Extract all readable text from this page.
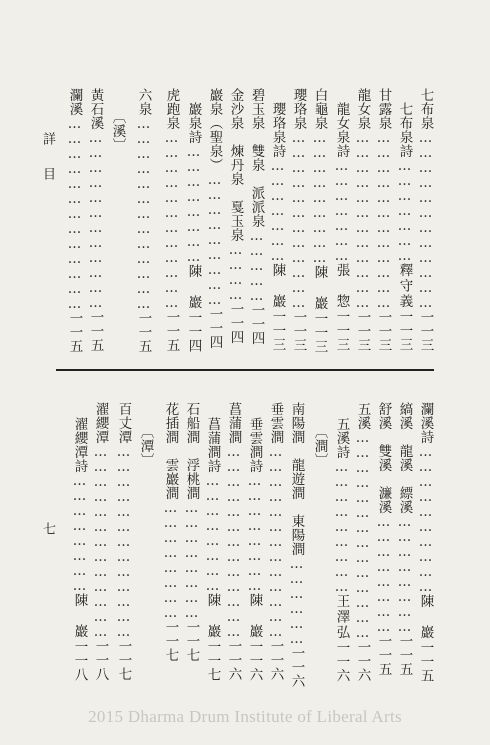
詳目
七
七布泉………………………………一一三
七布泉詩…………………釋守義一一三
甘露泉………………………………一一三
龍女泉………………………………一一三
龍女泉詩…………………張　惣一一三
白龜泉………………………陳　巖一一三
瓔珞泉………………………………一一三
瓔珞泉詩…………………陳　巖一一三
碧玉泉　雙泉　派派泉……………一一四
金沙泉　煉丹泉　戛玉泉…………一一四
巖泉（聖泉）………………………一一四
巖泉詩……………………陳　巖一一四
虎跑泉………………………………一一五
六泉…………………………………一一五
〔溪〕
黃石溪………………………………一一五
瀾溪…………………………………一一五
瀾溪詩…………………………陳　巖一一五
縞溪　龍溪　縹溪……………………一一五
舒溪　雙溪　濂溪……………………一一五
五溪……………………………………一一六
五溪詩………………………王澤弘一一六
〔澗〕
南陽澗　龍遊澗　東陽澗………………一一六
垂雲澗…………………………………一一六
垂雲澗詩……………………陳　巖一一六
菖蒲澗…………………………………一一六
菖蒲澗詩……………………陳　巖一一七
石船澗　浮桃澗……………………一一七
花插澗　雲巖澗……………………一一七
〔潭〕
百丈潭…………………………………一一七
濯纓潭…………………………………一一八
濯纓潭詩……………………陳　巖一一八
2015 Dharma Drum Institute of Liberal Arts
